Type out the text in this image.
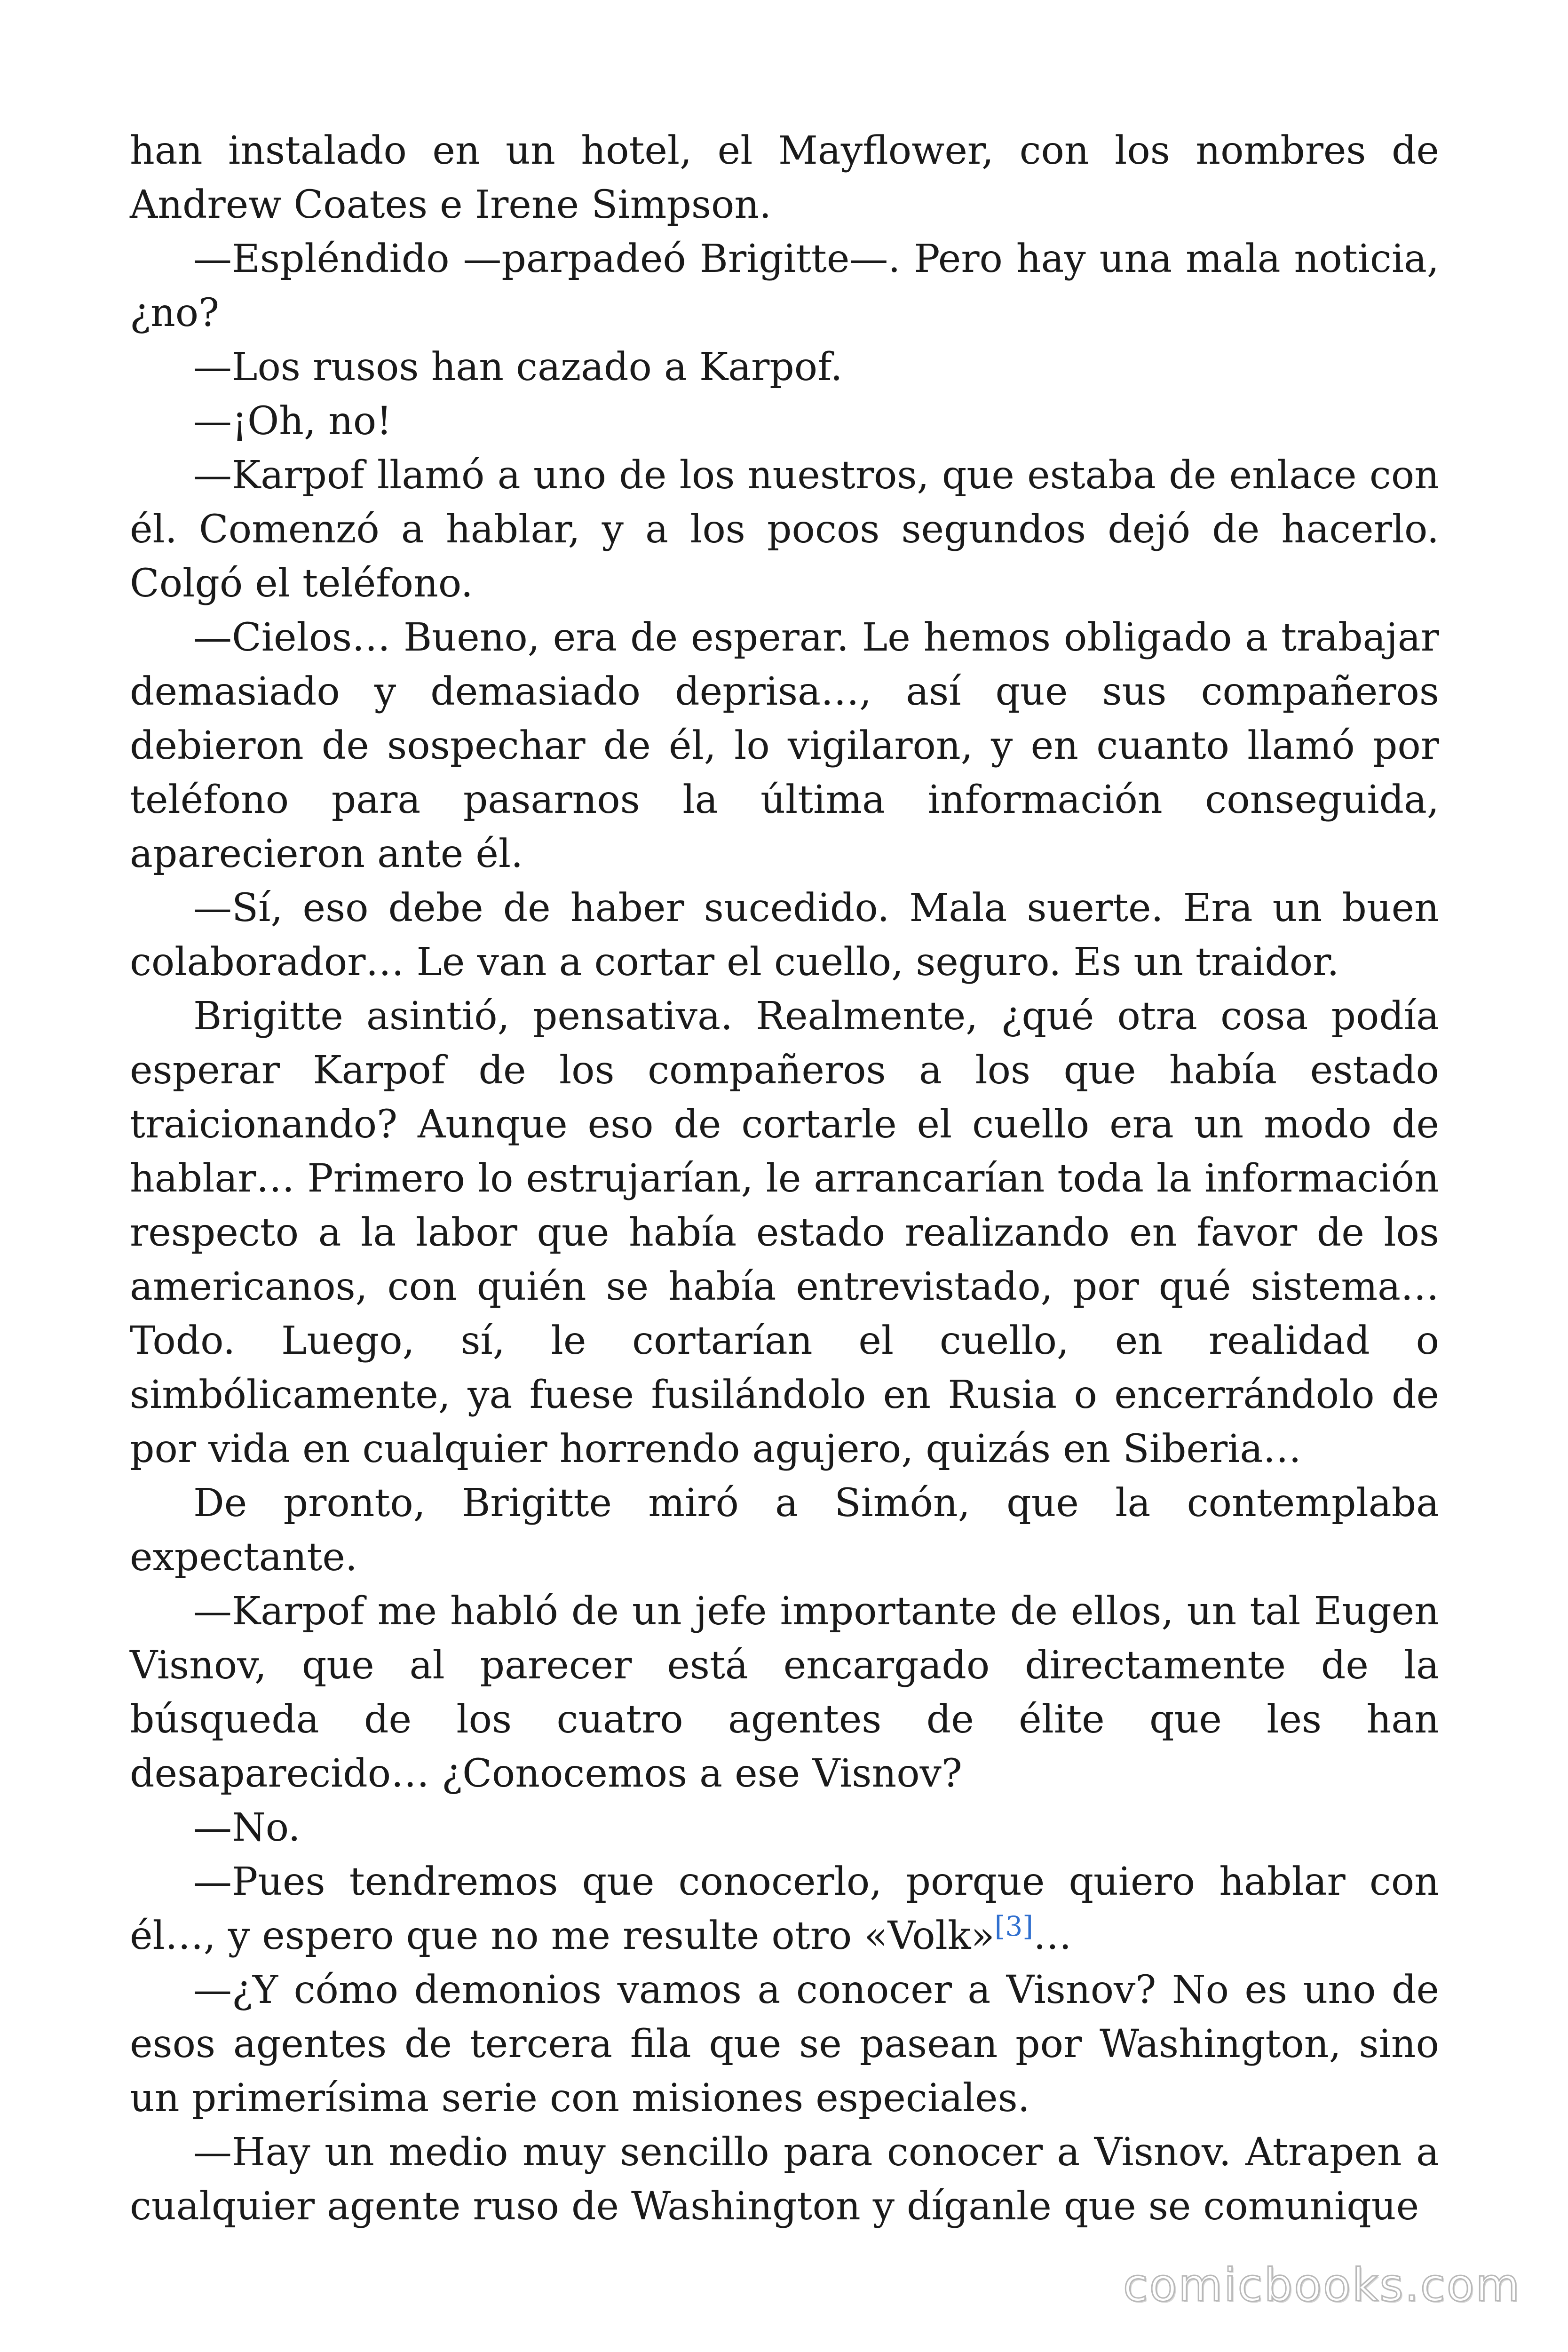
han instalado en un hotel, el Mayflower, con los nombres de Andrew Coates e Irene Simpson.

—Espléndido —parpadeó Brigitte—. Pero hay una mala noticia, ¿no?

—Los rusos han cazado a Karpof.

—¡Oh, no!

—Karpof llamó a uno de los nuestros, que estaba de enlace con él. Comenzó a hablar, y a los pocos segundos dejó de hacerlo. Colgó el teléfono.

—Cielos… Bueno, era de esperar. Le hemos obligado a trabajar demasiado y demasiado deprisa…, así que sus compañeros debieron de sospechar de él, lo vigilaron, y en cuanto llamó por teléfono para pasarnos la última información conseguida, aparecieron ante él.

—Sí, eso debe de haber sucedido. Mala suerte. Era un buen colaborador… Le van a cortar el cuello, seguro. Es un traidor.

Brigitte asintió, pensativa. Realmente, ¿qué otra cosa podía esperar Karpof de los compañeros a los que había estado traicionando? Aunque eso de cortarle el cuello era un modo de hablar… Primero lo estrujarían, le arrancarían toda la información respecto a la labor que había estado realizando en favor de los americanos, con quién se había entrevistado, por qué sistema… Todo. Luego, sí, le cortarían el cuello, en realidad o simbólicamente, ya fuese fusilándolo en Rusia o encerrándolo de por vida en cualquier horrendo agujero, quizás en Siberia…

De pronto, Brigitte miró a Simón, que la contemplaba expectante.

—Karpof me habló de un jefe importante de ellos, un tal Eugen Visnov, que al parecer está encargado directamente de la búsqueda de los cuatro agentes de élite que les han desaparecido… ¿Conocemos a ese Visnov?

—No.

—Pues tendremos que conocerlo, porque quiero hablar con él…, y espero que no me resulte otro «Volk»[3]…

—¿Y cómo demonios vamos a conocer a Visnov? No es uno de esos agentes de tercera fila que se pasean por Washington, sino un primerísima serie con misiones especiales.

—Hay un medio muy sencillo para conocer a Visnov. Atrapen a cualquier agente ruso de Washington y díganle que se comunique

comicbooks.com
